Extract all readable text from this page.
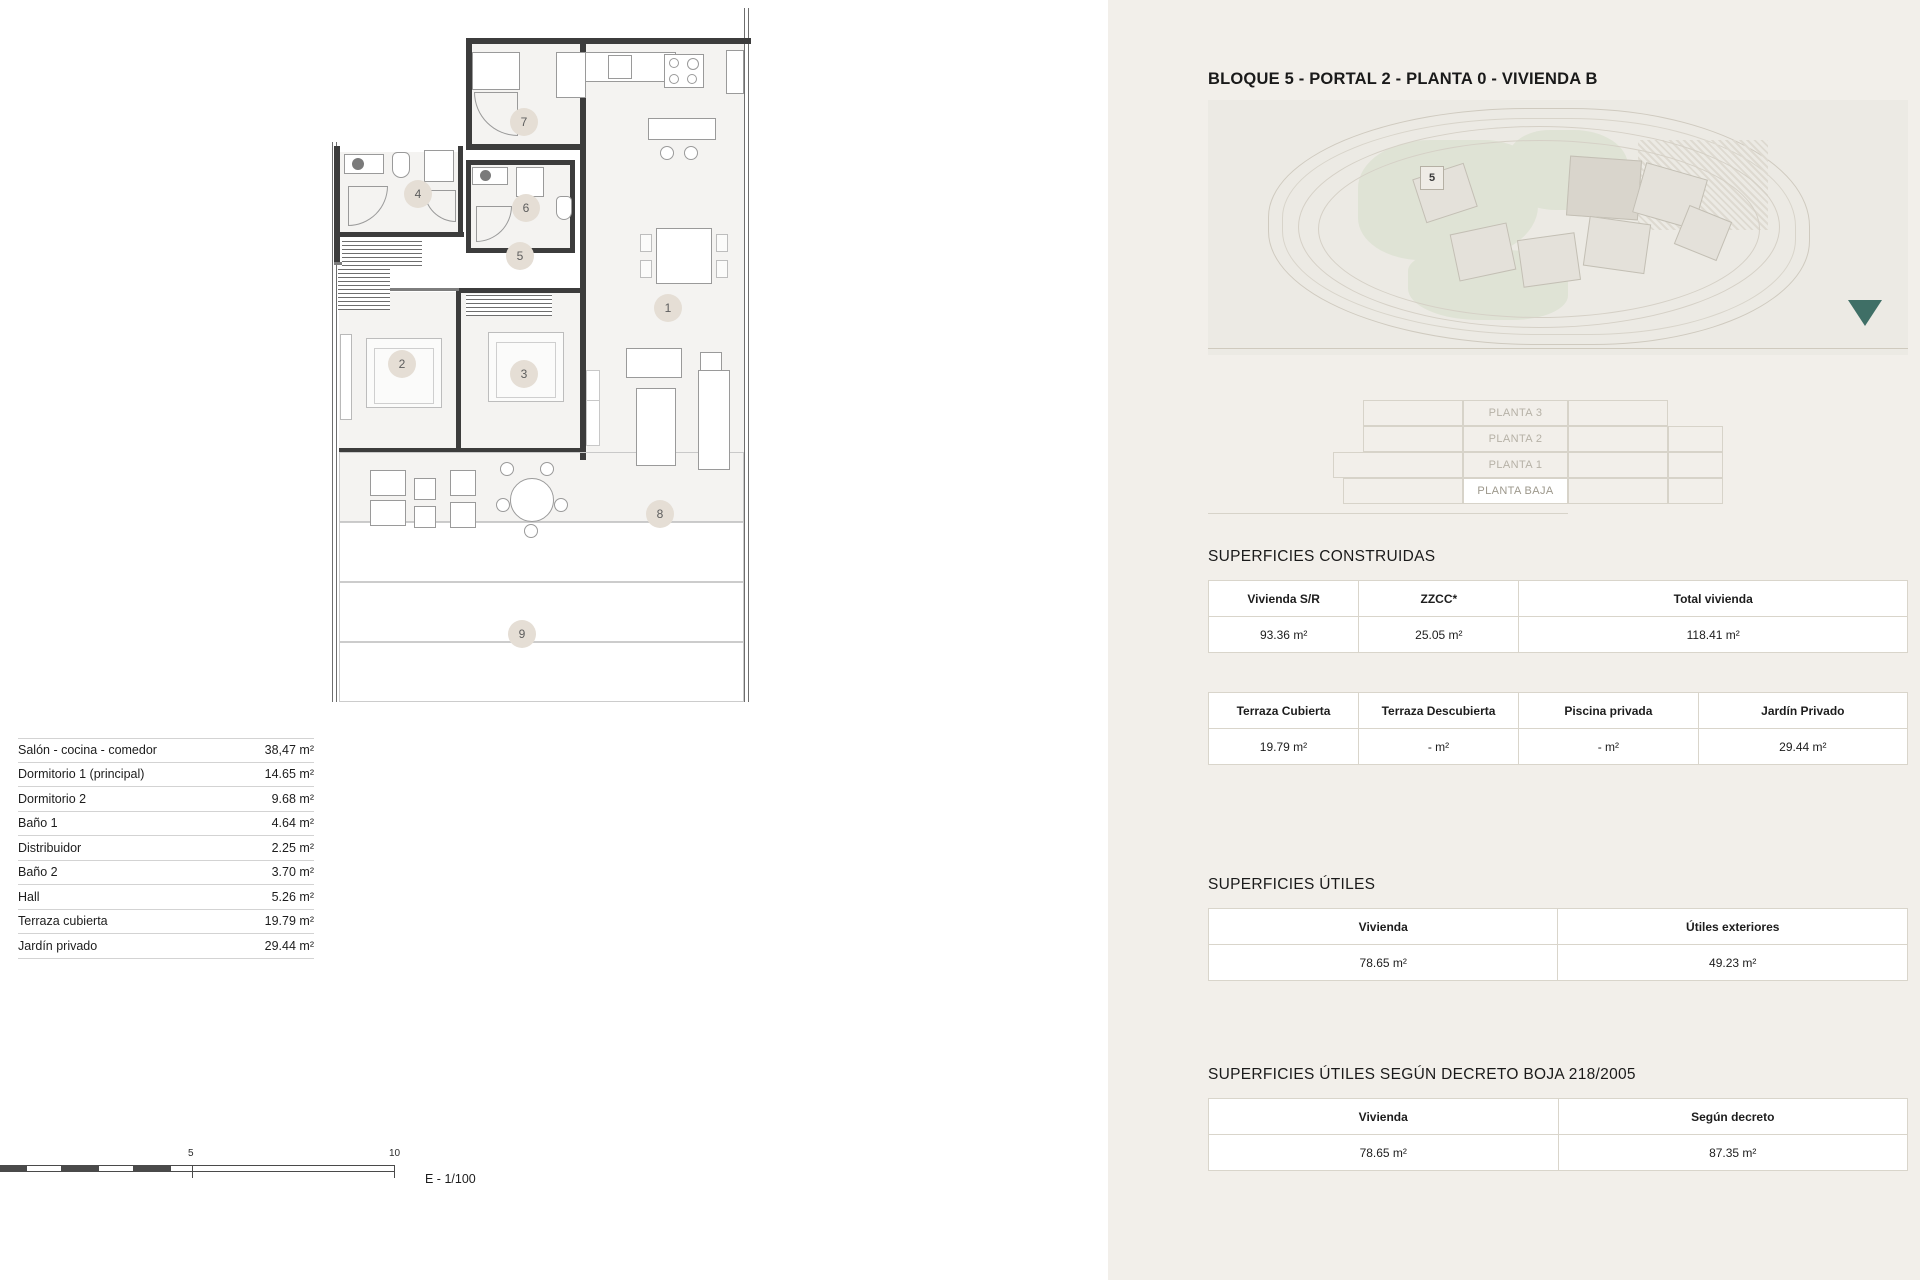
1
2
3
4
5
6
7
8
9
Salón - cocina - comedor	38,47 m²
Dormitorio 1 (principal)	14.65 m²
Dormitorio 2	9.68 m²
Baño 1	4.64 m²
Distribuidor	2.25 m²
Baño 2	3.70 m²
Hall	5.26 m²
Terraza cubierta	19.79 m²
Jardín privado	29.44 m²
5	10
E - 1/100
BLOQUE 5 - PORTAL 2 - PLANTA 0 - VIVIENDA B
5
PLANTA 3
PLANTA 2
PLANTA 1
PLANTA BAJA
SUPERFICIES CONSTRUIDAS
Vivienda S/R	ZZCC*	Total vivienda
93.36 m²	25.05 m²	118.41 m²
Terraza Cubierta	Terraza Descubierta	Piscina privada	Jardín Privado
19.79 m²	- m²	- m²	29.44 m²
SUPERFICIES ÚTILES
Vivienda	Útiles exteriores
78.65 m²	49.23 m²
SUPERFICIES ÚTILES SEGÚN DECRETO BOJA 218/2005
Vivienda	Según decreto
78.65 m²	87.35 m²
